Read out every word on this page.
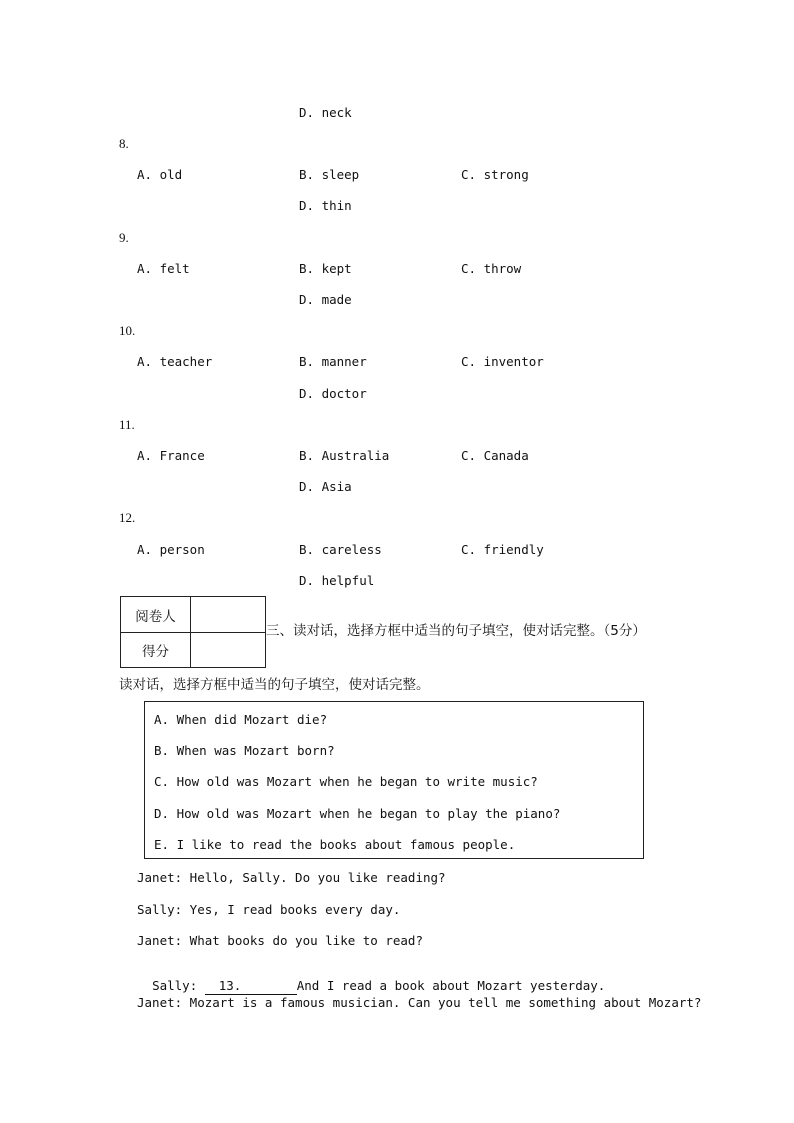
D. neck
8.
A. old	B. sleep	C. strong
D. thin
9.
A. felt	B. kept	C. throw
D. made
10.
A. teacher	B. manner	C. inventor
D. doctor
11.
A. France	B. Australia	C. Canada
D. Asia
12.
A. person	B. careless	C. friendly
D. helpful
阅卷人
得分
三、读对话，选择方框中适当的句子填空，使对话完整。（5分）
读对话，选择方框中适当的句子填空，使对话完整。
A. When did Mozart die?
B. When was Mozart born?
C. How old was Mozart when he began to write music?
D. How old was Mozart when he began to play the piano?
E. I like to read the books about famous people.
Janet: Hello, Sally. Do you like reading?
Sally: Yes, I read books every day.
Janet: What books do you like to read?

Sally: 13.	And I read a book about Mozart yesterday.

Janet: Mozart is a famous musician. Can you tell me something about Mozart?
